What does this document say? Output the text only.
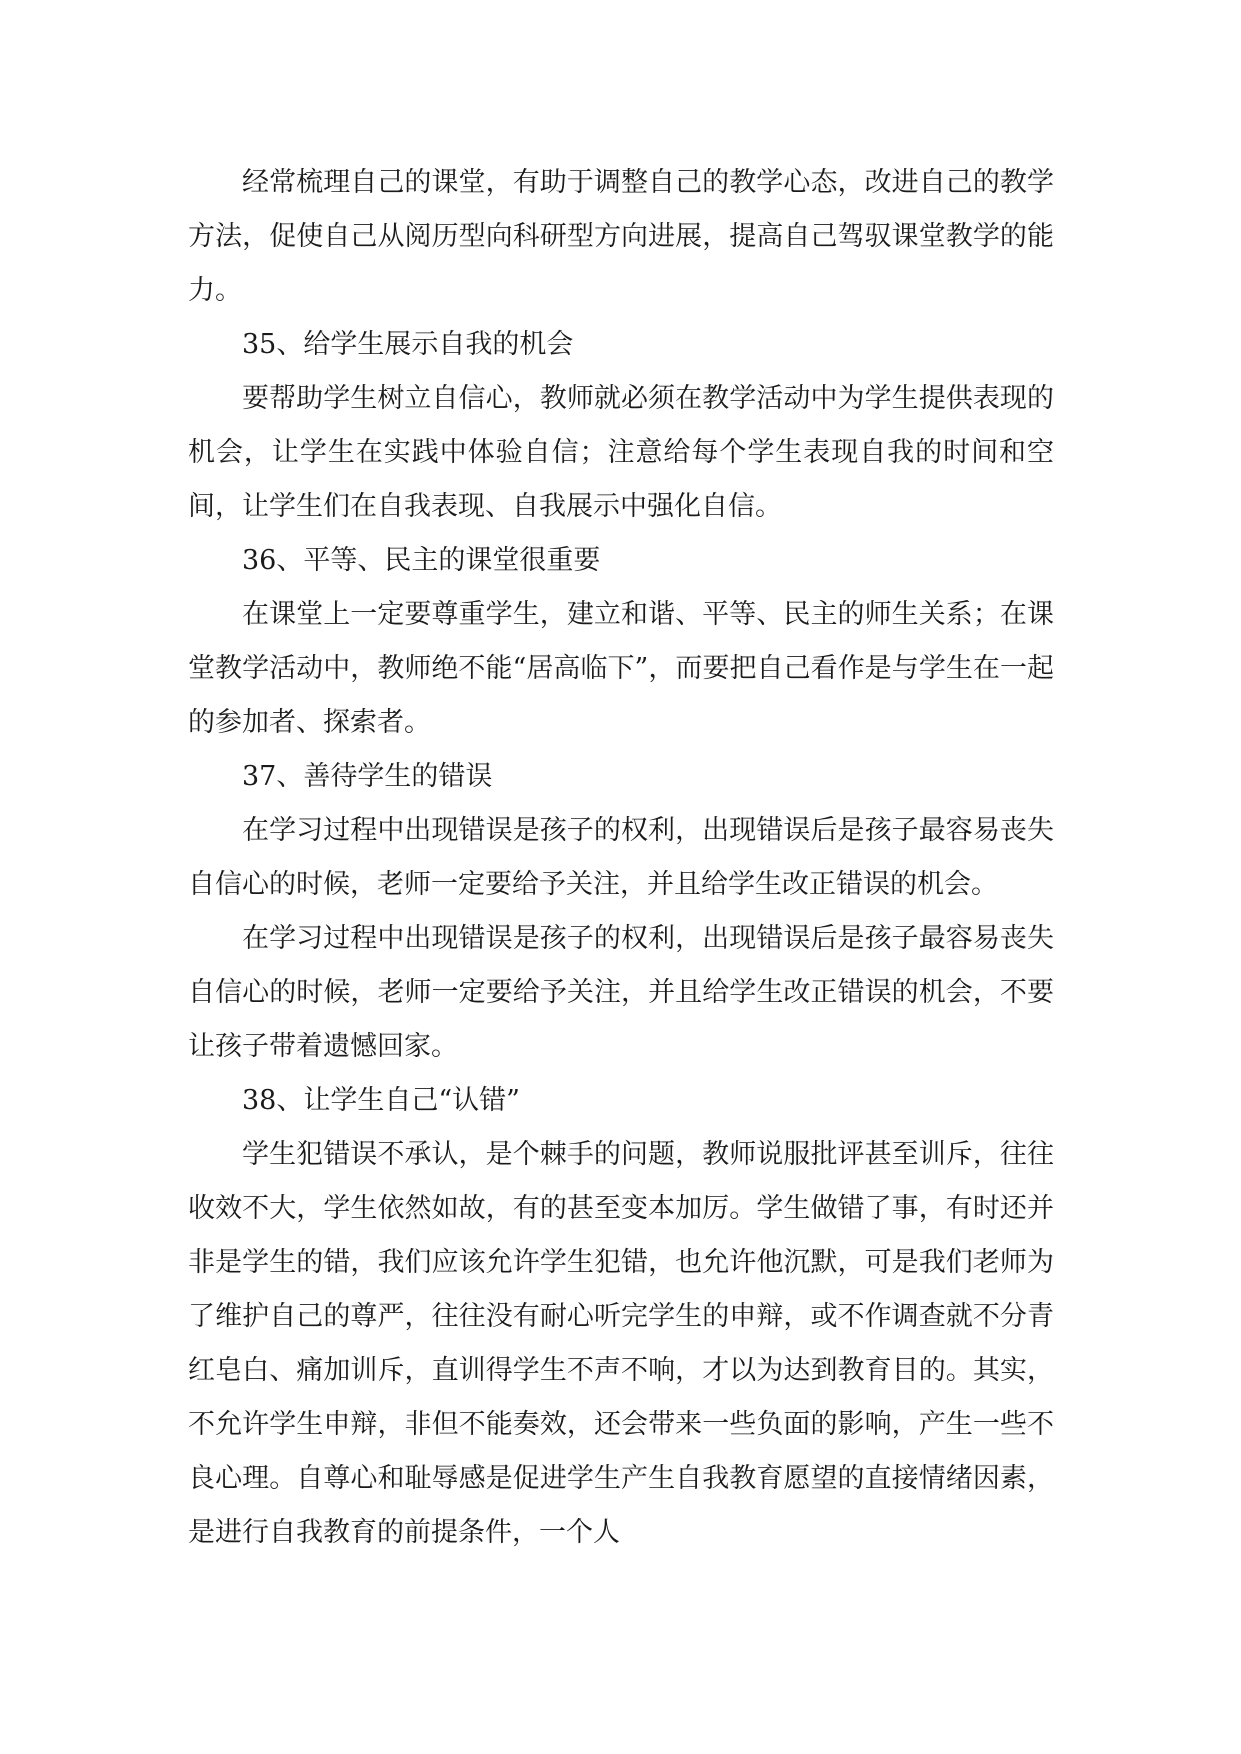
经常梳理自己的课堂，有助于调整自己的教学心态，改进自己的教学方法，促使自己从阅历型向科研型方向进展，提高自己驾驭课堂教学的能力。

35、给学生展示自我的机会

要帮助学生树立自信心，教师就必须在教学活动中为学生提供表现的机会，让学生在实践中体验自信；注意给每个学生表现自我的时间和空间，让学生们在自我表现、自我展示中强化自信。

36、平等、民主的课堂很重要

在课堂上一定要尊重学生，建立和谐、平等、民主的师生关系；在课堂教学活动中，教师绝不能“居高临下”，而要把自己看作是与学生在一起的参加者、探索者。

37、善待学生的错误

在学习过程中出现错误是孩子的权利，出现错误后是孩子最容易丧失自信心的时候，老师一定要给予关注，并且给学生改正错误的机会。

在学习过程中出现错误是孩子的权利，出现错误后是孩子最容易丧失自信心的时候，老师一定要给予关注，并且给学生改正错误的机会，不要让孩子带着遗憾回家。

38、让学生自己“认错”

学生犯错误不承认，是个棘手的问题，教师说服批评甚至训斥，往往收效不大，学生依然如故，有的甚至变本加厉。学生做错了事，有时还并非是学生的错，我们应该允许学生犯错，也允许他沉默，可是我们老师为了维护自己的尊严，往往没有耐心听完学生的申辩，或不作调查就不分青红皂白、痛加训斥，直训得学生不声不响，才以为达到教育目的。其实，不允许学生申辩，非但不能奏效，还会带来一些负面的影响，产生一些不良心理。自尊心和耻辱感是促进学生产生自我教育愿望的直接情绪因素，是进行自我教育的前提条件，一个人
